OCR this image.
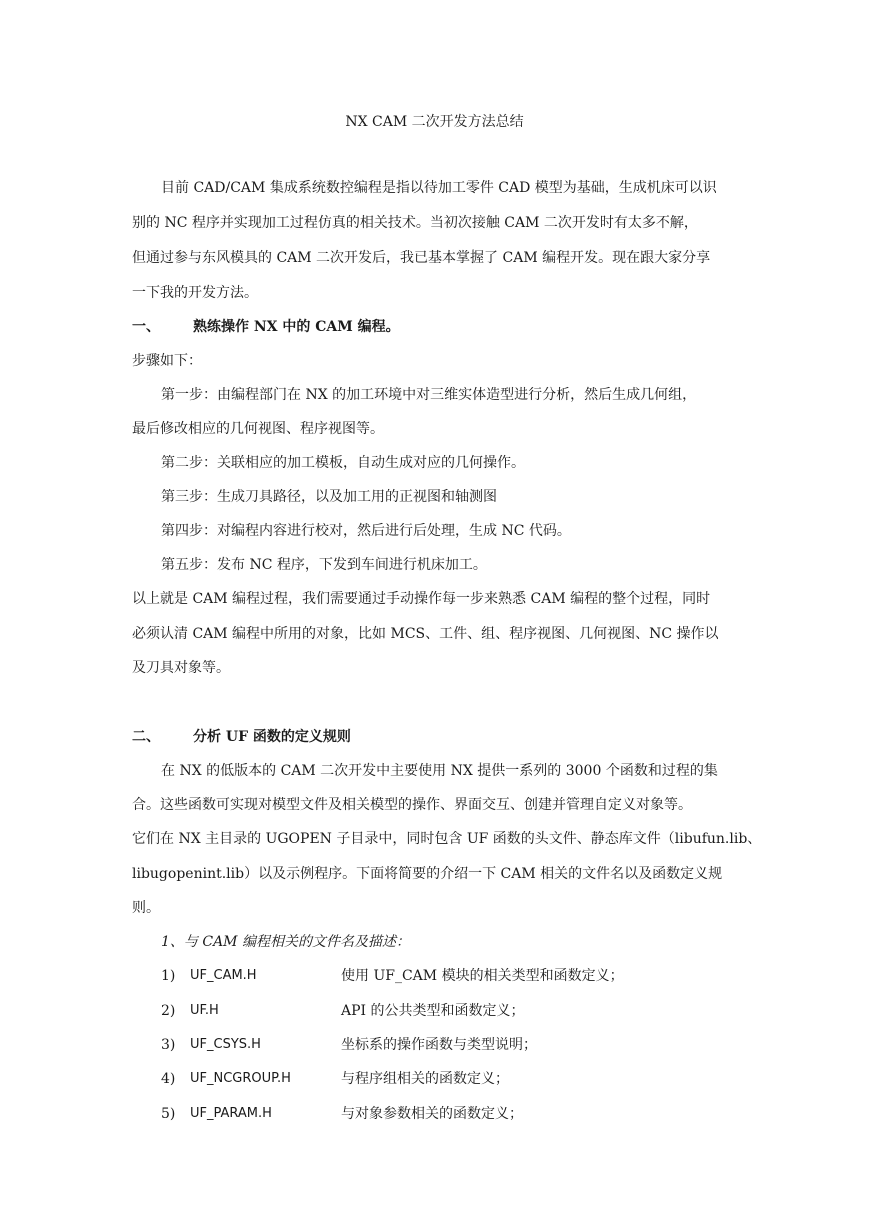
NX CAM 二次开发方法总结
目前 CAD/CAM 集成系统数控编程是指以待加工零件 CAD 模型为基础，生成机床可以识
别的 NC 程序并实现加工过程仿真的相关技术。当初次接触 CAM 二次开发时有太多不解，
但通过参与东风模具的 CAM 二次开发后，我已基本掌握了 CAM 编程开发。现在跟大家分享
一下我的开发方法。
一、 熟练操作 NX 中的 CAM 编程。
步骤如下：
第一步：由编程部门在 NX 的加工环境中对三维实体造型进行分析，然后生成几何组，
最后修改相应的几何视图、程序视图等。
第二步：关联相应的加工模板，自动生成对应的几何操作。
第三步：生成刀具路径，以及加工用的正视图和轴测图
第四步：对编程内容进行校对，然后进行后处理，生成 NC 代码。
第五步：发布 NC 程序，下发到车间进行机床加工。
以上就是 CAM 编程过程，我们需要通过手动操作每一步来熟悉 CAM 编程的整个过程，同时
必须认清 CAM 编程中所用的对象，比如 MCS、工件、组、程序视图、几何视图、NC 操作以
及刀具对象等。
二、 分析 UF 函数的定义规则
在 NX 的低版本的 CAM 二次开发中主要使用 NX 提供一系列的 3000 个函数和过程的集
合。这些函数可实现对模型文件及相关模型的操作、界面交互、创建并管理自定义对象等。
它们在 NX 主目录的 UGOPEN 子目录中，同时包含 UF 函数的头文件、静态库文件（libufun.lib、
libugopenint.lib）以及示例程序。下面将简要的介绍一下 CAM 相关的文件名以及函数定义规
则。
1、与 CAM 编程相关的文件名及描述：
1) UF_CAM.H	使用 UF_CAM 模块的相关类型和函数定义；
2) UF.H	API 的公共类型和函数定义；
3) UF_CSYS.H	坐标系的操作函数与类型说明；
4) UF_NCGROUP.H	与程序组相关的函数定义；
5) UF_PARAM.H	与对象参数相关的函数定义；
